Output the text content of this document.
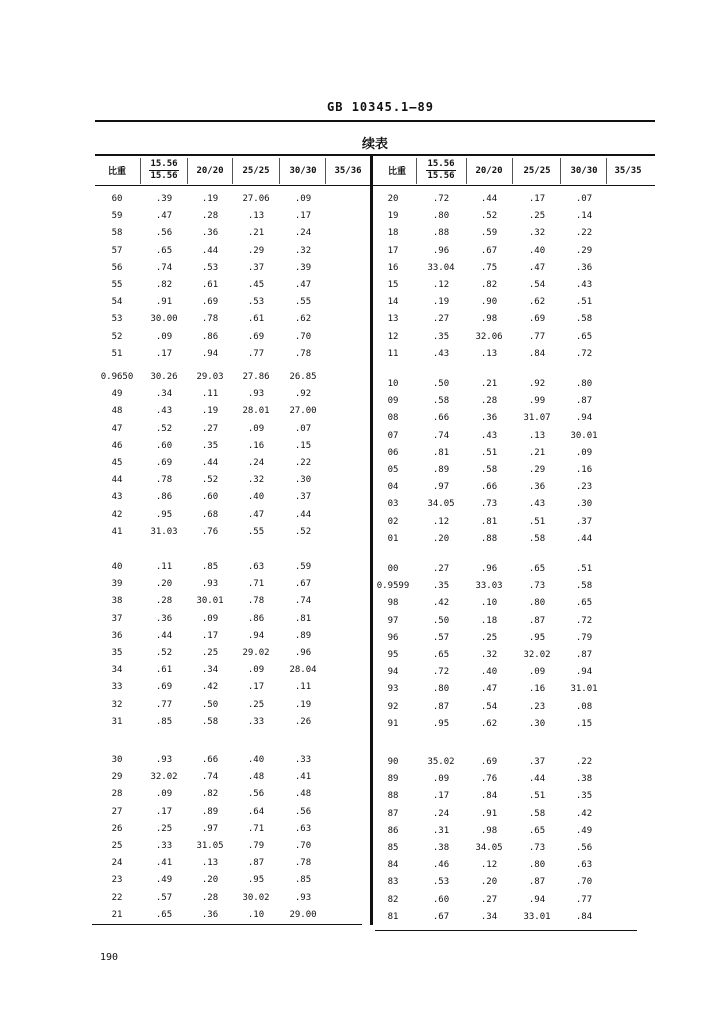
GB 10345.1—89
续表
比重	$\frac{15.56}{15.56}$	20/20	25/25	30/30	35/36	比重	$\frac{15.56}{15.56}$	20/20	25/25	30/30	35/35
60	.39	.19	27.06	.09
59	.47	.28	.13	.17
58	.56	.36	.21	.24
57	.65	.44	.29	.32
56	.74	.53	.37	.39
55	.82	.61	.45	.47
54	.91	.69	.53	.55
53	30.00	.78	.61	.62
52	.09	.86	.69	.70
51	.17	.94	.77	.78
0.9650	30.26	29.03	27.86	26.85
49	.34	.11	.93	.92
48	.43	.19	28.01	27.00
47	.52	.27	.09	.07
46	.60	.35	.16	.15
45	.69	.44	.24	.22
44	.78	.52	.32	.30
43	.86	.60	.40	.37
42	.95	.68	.47	.44
41	31.03	.76	.55	.52
40	.11	.85	.63	.59
39	.20	.93	.71	.67
38	.28	30.01	.78	.74
37	.36	.09	.86	.81
36	.44	.17	.94	.89
35	.52	.25	29.02	.96
34	.61	.34	.09	28.04
33	.69	.42	.17	.11
32	.77	.50	.25	.19
31	.85	.58	.33	.26
30	.93	.66	.40	.33
29	32.02	.74	.48	.41
28	.09	.82	.56	.48
27	.17	.89	.64	.56
26	.25	.97	.71	.63
25	.33	31.05	.79	.70
24	.41	.13	.87	.78
23	.49	.20	.95	.85
22	.57	.28	30.02	.93
21	.65	.36	.10	29.00
20	.72	.44	.17	.07
19	.80	.52	.25	.14
18	.88	.59	.32	.22
17	.96	.67	.40	.29
16	33.04	.75	.47	.36
15	.12	.82	.54	.43
14	.19	.90	.62	.51
13	.27	.98	.69	.58
12	.35	32.06	.77	.65
11	.43	.13	.84	.72
10	.50	.21	.92	.80
09	.58	.28	.99	.87
08	.66	.36	31.07	.94
07	.74	.43	.13	30.01
06	.81	.51	.21	.09
05	.89	.58	.29	.16
04	.97	.66	.36	.23
03	34.05	.73	.43	.30
02	.12	.81	.51	.37
01	.20	.88	.58	.44
00	.27	.96	.65	.51
0.9599	.35	33.03	.73	.58
98	.42	.10	.80	.65
97	.50	.18	.87	.72
96	.57	.25	.95	.79
95	.65	.32	32.02	.87
94	.72	.40	.09	.94
93	.80	.47	.16	31.01
92	.87	.54	.23	.08
91	.95	.62	.30	.15
90	35.02	.69	.37	.22
89	.09	.76	.44	.38
88	.17	.84	.51	.35
87	.24	.91	.58	.42
86	.31	.98	.65	.49
85	.38	34.05	.73	.56
84	.46	.12	.80	.63
83	.53	.20	.87	.70
82	.60	.27	.94	.77
81	.67	.34	33.01	.84
190
